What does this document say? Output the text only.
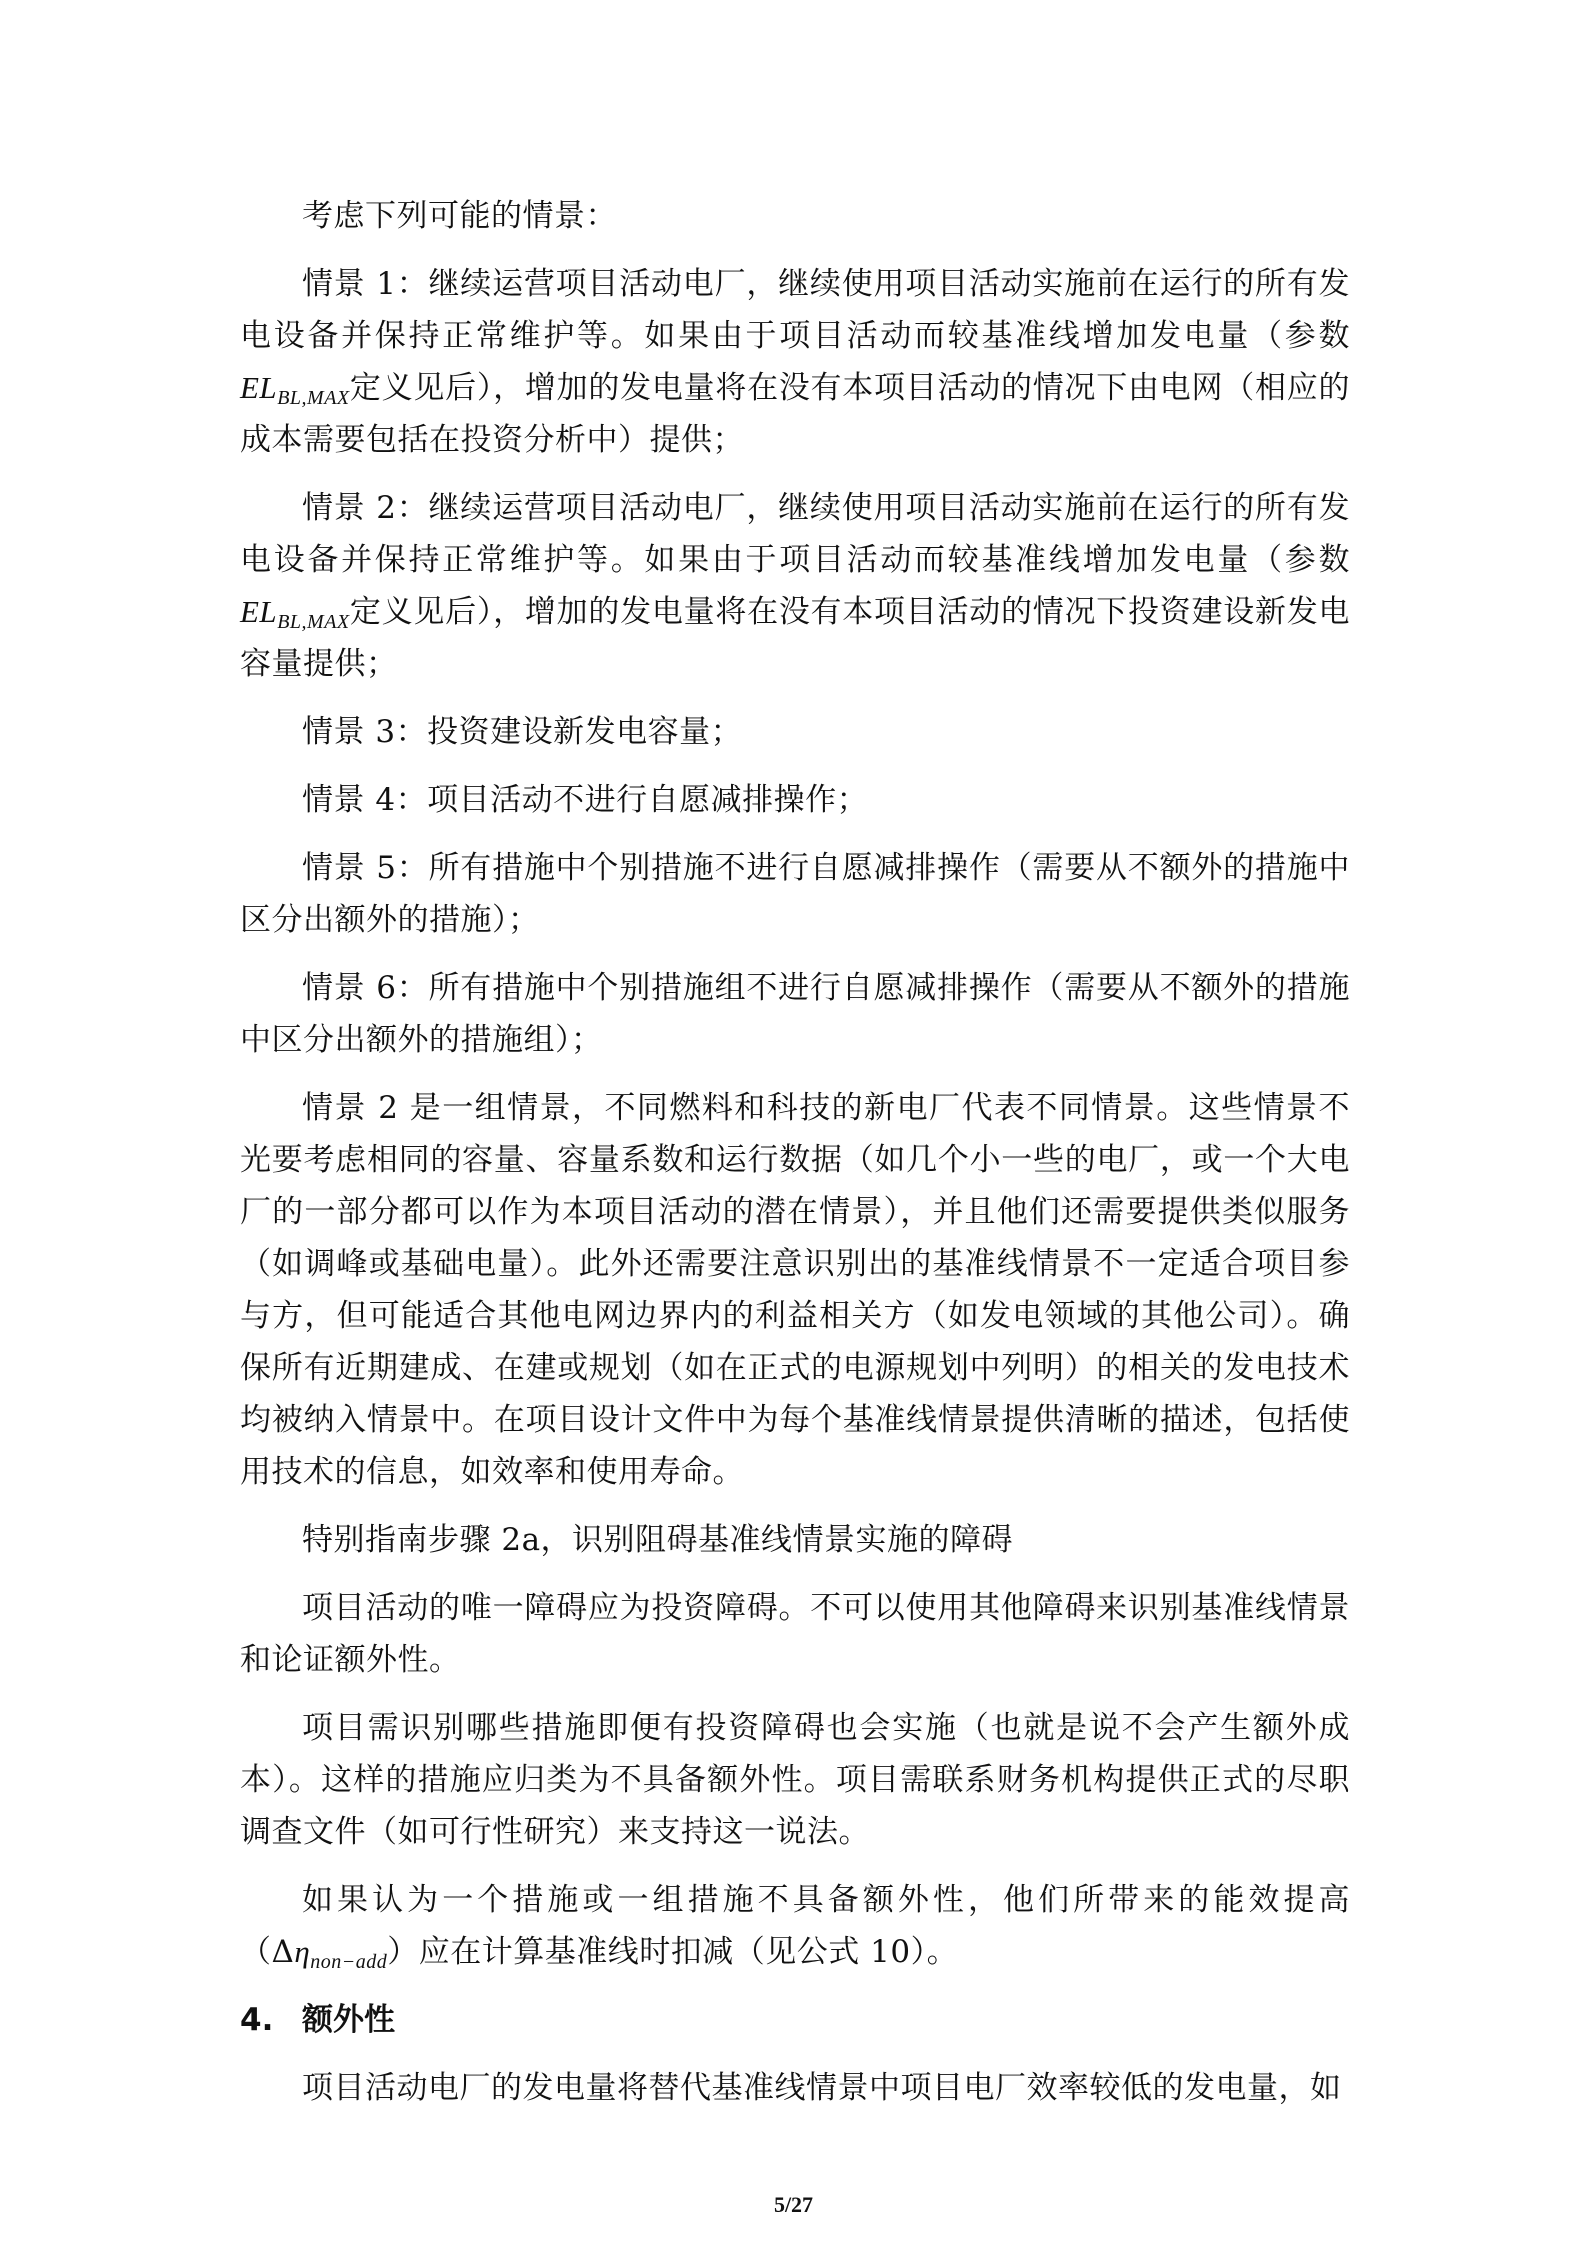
考虑下列可能的情景：

情景 1：继续运营项目活动电厂，继续使用项目活动实施前在运行的所有发电设备并保持正常维护等。如果由于项目活动而较基准线增加发电量（参数$EL_{BL,MAX}$定义见后），增加的发电量将在没有本项目活动的情况下由电网（相应的成本需要包括在投资分析中）提供；

情景 2：继续运营项目活动电厂，继续使用项目活动实施前在运行的所有发电设备并保持正常维护等。如果由于项目活动而较基准线增加发电量（参数$EL_{BL,MAX}$定义见后），增加的发电量将在没有本项目活动的情况下投资建设新发电容量提供；

情景 3：投资建设新发电容量；

情景 4：项目活动不进行自愿减排操作；

情景 5：所有措施中个别措施不进行自愿减排操作（需要从不额外的措施中区分出额外的措施）；

情景 6：所有措施中个别措施组不进行自愿减排操作（需要从不额外的措施中区分出额外的措施组）；

情景 2 是一组情景，不同燃料和科技的新电厂代表不同情景。这些情景不光要考虑相同的容量、容量系数和运行数据（如几个小一些的电厂，或一个大电厂的一部分都可以作为本项目活动的潜在情景），并且他们还需要提供类似服务（如调峰或基础电量）。此外还需要注意识别出的基准线情景不一定适合项目参与方，但可能适合其他电网边界内的利益相关方（如发电领域的其他公司）。确保所有近期建成、在建或规划（如在正式的电源规划中列明）的相关的发电技术均被纳入情景中。在项目设计文件中为每个基准线情景提供清晰的描述，包括使用技术的信息，如效率和使用寿命。

特别指南步骤 2a，识别阻碍基准线情景实施的障碍

项目活动的唯一障碍应为投资障碍。不可以使用其他障碍来识别基准线情景和论证额外性。

项目需识别哪些措施即便有投资障碍也会实施（也就是说不会产生额外成本）。这样的措施应归类为不具备额外性。项目需联系财务机构提供正式的尽职调查文件（如可行性研究）来支持这一说法。

如果认为一个措施或一组措施不具备额外性，他们所带来的能效提高$(\Delta\eta_{non-add})$应在计算基准线时扣减（见公式 10）。

4. 额外性

项目活动电厂的发电量将替代基准线情景中项目电厂效率较低的发电量，如

5/27
